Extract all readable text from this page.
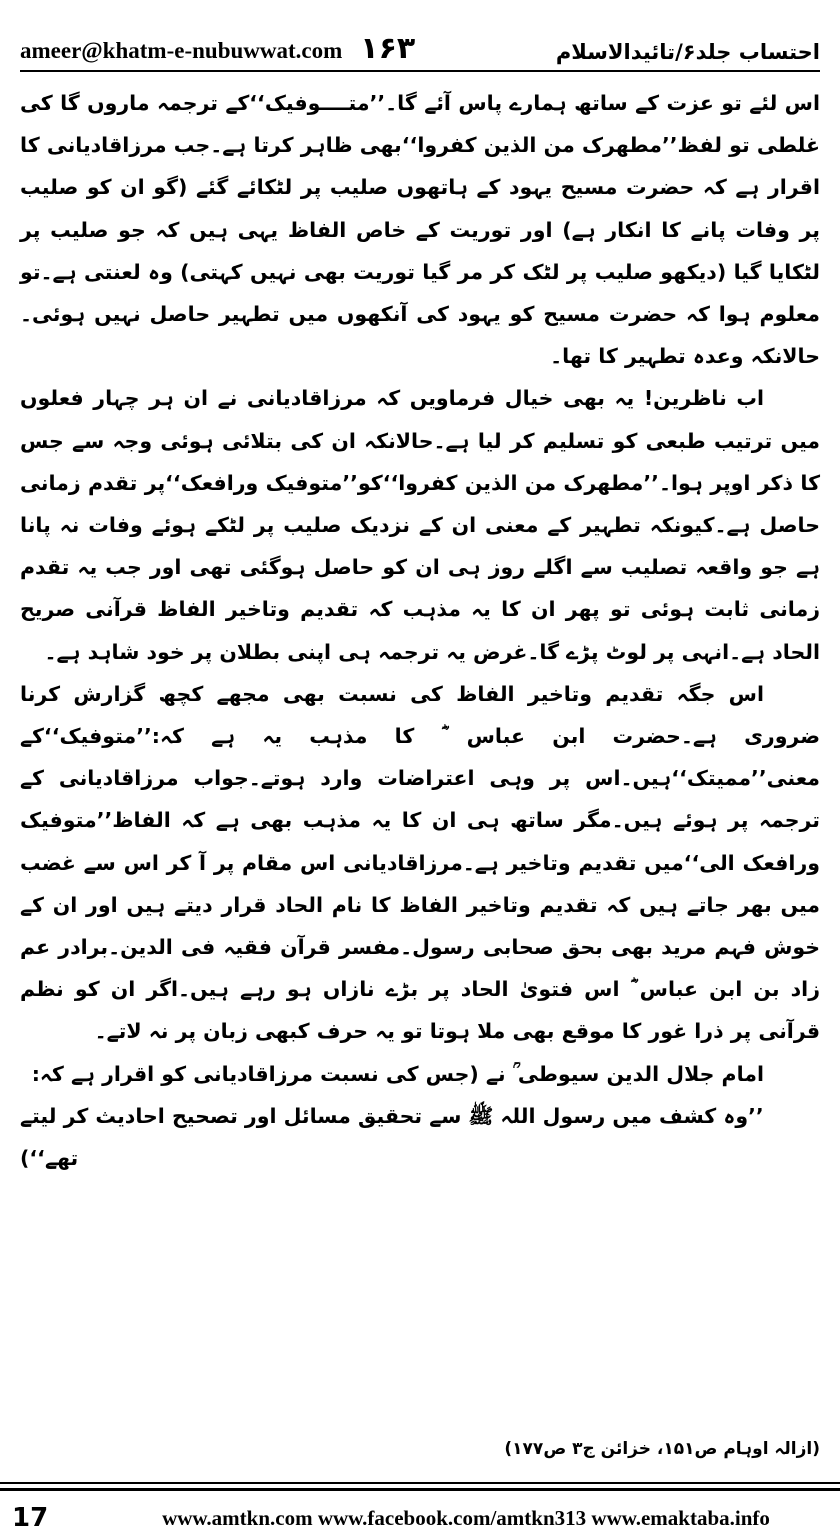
ameer@khatm-e-nubuwwat.com ۱۶۳	احتساب جلد۶/تائیدالاسلام

اس لئے تو عزت کے ساتھ ہمارے پاس آئے گا۔’’متــــوفیک‘‘کے ترجمہ ماروں گا کی غلطی تو لفظ’’مطھرک من الذین کفروا‘‘بھی ظاہر کرتا ہے۔جب مرزاقادیانی کا اقرار ہے کہ حضرت مسیح یہود کے ہاتھوں صلیب پر لٹکائے گئے (گو ان کو صلیب پر وفات پانے کا انکار ہے) اور توریت کے خاص الفاظ یہی ہیں کہ جو صلیب پر لٹکایا گیا (دیکھو صلیب پر لٹک کر مر گیا توریت بھی نہیں کہتی) وہ لعنتی ہے۔تو معلوم ہوا کہ حضرت مسیح کو یہود کی آنکھوں میں تطہیر حاصل نہیں ہوئی۔حالانکہ وعدہ تطہیر کا تھا۔

اب ناظرین! یہ بھی خیال فرماویں کہ مرزاقادیانی نے ان ہر چہار فعلوں میں ترتیب طبعی کو تسلیم کر لیا ہے۔حالانکہ ان کی بتلائی ہوئی وجہ سے جس کا ذکر اوپر ہوا۔’’مطھرک من الذین کفروا‘‘کو’’متوفیک ورافعک‘‘پر تقدم زمانی حاصل ہے۔کیونکہ تطہیر کے معنی ان کے نزدیک صلیب پر لٹکے ہوئے وفات نہ پانا ہے جو واقعہ تصلیب سے اگلے روز ہی ان کو حاصل ہوگئی تھی اور جب یہ تقدم زمانی ثابت ہوئی تو پھر ان کا یہ مذہب کہ تقدیم وتاخیر الفاظ قرآنی صریح الحاد ہے۔انہی پر لوٹ پڑے گا۔غرض یہ ترجمہ ہی اپنی بطلان پر خود شاہد ہے۔

اس جگہ تقدیم وتاخیر الفاظ کی نسبت بھی مجھے کچھ گزارش کرنا ضروری ہے۔حضرت ابن عباس ؓ کا مذہب یہ ہے کہ:’’متوفیک‘‘کے معنی’’ممیتک‘‘ہیں۔اس پر وہی اعتراضات وارد ہوتے۔جواب مرزاقادیانی کے ترجمہ پر ہوئے ہیں۔مگر ساتھ ہی ان کا یہ مذہب بھی ہے کہ الفاظ’’متوفیک ورافعک الی‘‘میں تقدیم وتاخیر ہے۔مرزاقادیانی اس مقام پر آ کر اس سے غضب میں بھر جاتے ہیں کہ تقدیم وتاخیر الفاظ کا نام الحاد قرار دیتے ہیں اور ان کے خوش فہم مرید بھی بحق صحابی رسول۔مفسر قرآن فقیہ فی الدین۔برادر عم زاد بن ابن عباس ؓ اس فتویٰ الحاد پر بڑے نازاں ہو رہے ہیں۔اگر ان کو نظم قرآنی پر ذرا غور کا موقع بھی ملا ہوتا تو یہ حرف کبھی زبان پر نہ لاتے۔

امام جلال الدین سیوطی ؒ نے (جس کی نسبت مرزاقادیانی کو اقرار ہے کہ:

’’وہ کشف میں رسول اللہ ﷺ سے تحقیق مسائل اور تصحیح احادیث کر لیتے تھے‘‘)

(ازالہ اوہام ص۱۵۱، خزائن ج۳ ص۱۷۷)
17	www.amtkn.com www.facebook.com/amtkn313 www.emaktaba.info
